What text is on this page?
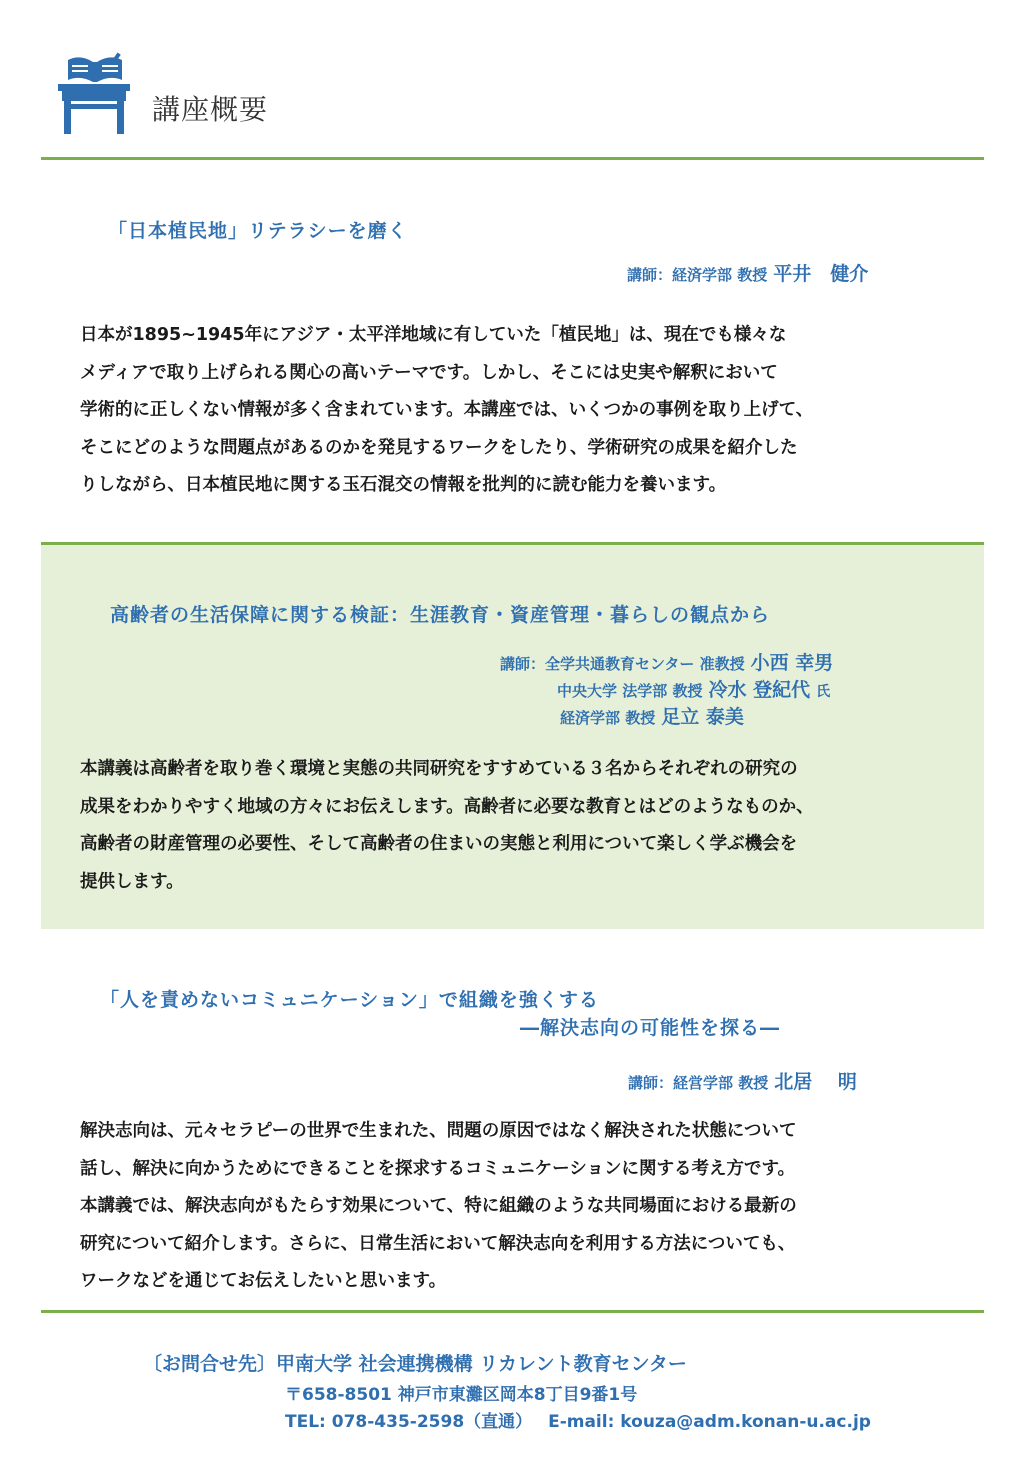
講座概要
「日本植民地」リテラシーを磨く
講師：経済学部 教授 平井　健介
日本が1895~1945年にアジア・太平洋地域に有していた「植民地」は、現在でも様々な
メディアで取り上げられる関心の高いテーマです。しかし、そこには史実や解釈において
学術的に正しくない情報が多く含まれています。本講座では、いくつかの事例を取り上げて、
そこにどのような問題点があるのかを発見するワークをしたり、学術研究の成果を紹介した
りしながら、日本植民地に関する玉石混交の情報を批判的に読む能力を養います。
高齢者の生活保障に関する検証：生涯教育・資産管理・暮らしの観点から
講師：全学共通教育センター 准教授 小西 幸男
中央大学 法学部 教授 冷水 登紀代 氏
経済学部 教授 足立 泰美
本講義は高齢者を取り巻く環境と実態の共同研究をすすめている３名からそれぞれの研究の
成果をわかりやすく地域の方々にお伝えします。高齢者に必要な教育とはどのようなものか、
高齢者の財産管理の必要性、そして高齢者の住まいの実態と利用について楽しく学ぶ機会を
提供します。
「人を責めないコミュニケーション」で組織を強くする
―解決志向の可能性を探る―
講師：経営学部 教授 北居　 明
解決志向は、元々セラピーの世界で生まれた、問題の原因ではなく解決された状態について
話し、解決に向かうためにできることを探求するコミュニケーションに関する考え方です。
本講義では、解決志向がもたらす効果について、特に組織のような共同場面における最新の
研究について紹介します。さらに、日常生活において解決志向を利用する方法についても、
ワークなどを通じてお伝えしたいと思います。
〔お問合せ先〕甲南大学 社会連携機構 リカレント教育センター
〒658-8501 神戸市東灘区岡本8丁目9番1号
TEL: 078-435-2598（直通） E-mail: kouza@adm.konan-u.ac.jp
